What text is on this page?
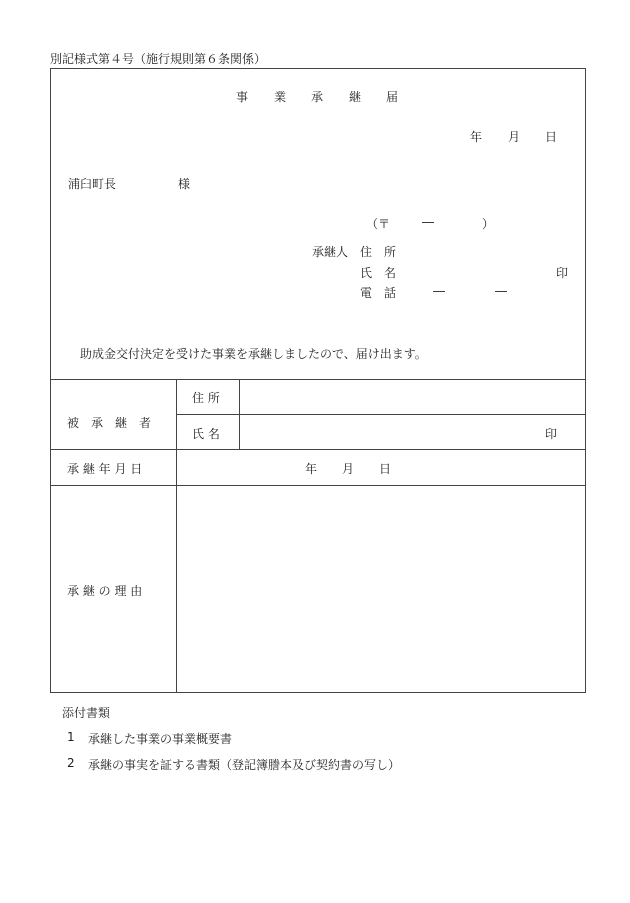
別記様式第４号（施行規則第６条関係）
事 業 承 継 届
年 月 日
浦臼町長	様
（〒	―	）
承継人 住　所
氏　名	印
電　話	―	―
助成金交付決定を受けた事業を承継しましたので、届け出ます。
被　承　継　者
住 所
氏 名	印
承 継 年 月 日	年 月 日
承 継 の 理 由
添付書類
1 承継した事業の事業概要書
2 承継の事実を証する書類（登記簿謄本及び契約書の写し）
